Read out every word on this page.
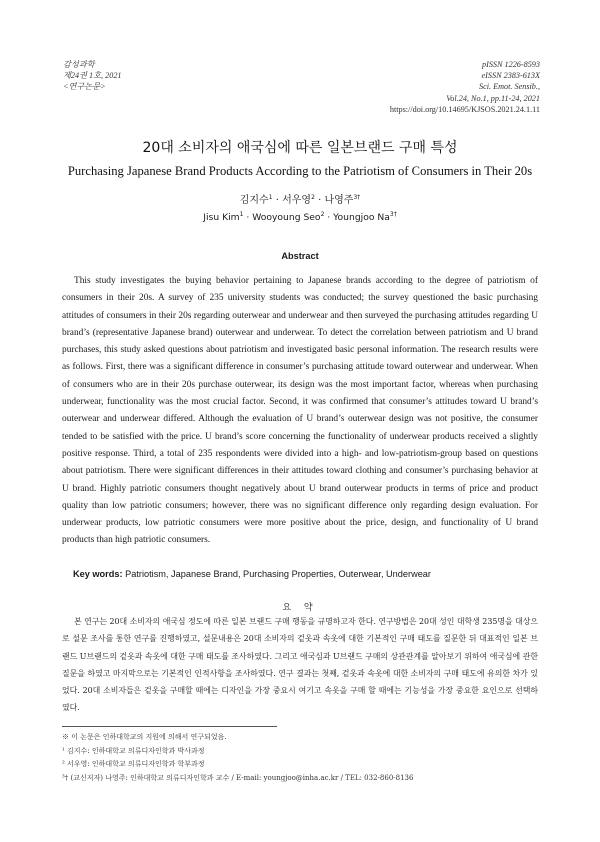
감성과학
제24권 1호, 2021
<연구논문>
pISSN 1226-8593
eISSN 2383-613X
Sci. Emot. Sensib.,
Vol.24, No.1, pp.11-24, 2021
https://doi.org/10.14695/KJSOS.2021.24.1.11
20대 소비자의 애국심에 따른 일본브랜드 구매 특성
Purchasing Japanese Brand Products According to the Patriotism of Consumers in Their 20s
김지수$^1$ · 서우영$^2$ · 나영주$^{3\dagger}$
Jisu Kim$^1$ · Wooyoung Seo$^2$ · Youngjoo $Na^{3\dagger}$
Abstract

This study investigates the buying behavior pertaining to Japanese brands according to the degree of patriotism of consumers in their 20s. A survey of 235 university students was conducted; the survey questioned the basic purchasing attitudes of consumers in their 20s regarding outerwear and underwear and then surveyed the purchasing attitudes regarding U brand’s (representative Japanese brand) outerwear and underwear. To detect the correlation between patriotism and U brand purchases, this study asked questions about patriotism and investigated basic personal information. The research results were as follows. First, there was a significant difference in consumer’s purchasing attitude toward outerwear and underwear. When of consumers who are in their 20s purchase outerwear, its design was the most important factor, whereas when purchasing underwear, functionality was the most crucial factor. Second, it was confirmed that consumer’s attitudes toward U brand’s outerwear and underwear differed. Although the evaluation of U brand’s outerwear design was not positive, the consumer tended to be satisfied with the price. U brand’s score concerning the functionality of underwear products received a slightly positive response. Third, a total of 235 respondents were divided into a high- and low-patriotism-group based on questions about patriotism. There were significant differences in their attitudes toward clothing and consumer’s purchasing behavior at U brand. Highly patriotic consumers thought negatively about U brand outerwear products in terms of price and product quality than low patriotic consumers; however, there was no significant difference only regarding design evaluation. For underwear products, low patriotic consumers were more positive about the price, design, and functionality of U brand products than high patriotic consumers.

Key words: Patriotism, Japanese Brand, Purchasing Properties, Outerwear, Underwear
요 약

본 연구는 20대 소비자의 애국심 정도에 따른 일본 브랜드 구매 행동을 규명하고자 한다. 연구방법은 20대 성인 대학생 235명을 대상으로 설문 조사를 통한 연구를 진행하였고, 설문내용은 20대 소비자의 겉옷과 속옷에 대한 기본적인 구매 태도를 질문한 뒤 대표적인 일본 브랜드 U브랜드의 겉옷과 속옷에 대한 구매 태도를 조사하였다. 그리고 애국심과 U브랜드 구매의 상관관계를 알아보기 위하여 애국심에 관한 질문을 하였고 마지막으로는 기본적인 인적사항을 조사하였다. 연구 결과는 첫째, 겉옷과 속옷에 대한 소비자의 구매 태도에 유의한 차가 있었다. 20대 소비자들은 겉옷을 구매할 때에는 디자인을 가장 중요시 여기고 속옷을 구매 할 때에는 기능성을 가장 중요한 요인으로 선택하였다.

※ 이 논문은 인하대학교의 지원에 의해서 연구되었음.
¹ 김지수: 인하대학교 의류디자인학과 박사과정
² 서우영: 인하대학교 의류디자인학과 학부과정
³† (교신저자) 나영주: 인하대학교 의류디자인학과 교수 / E-mail: youngjoo@inha.ac.kr / TEL: 032-860-8136
